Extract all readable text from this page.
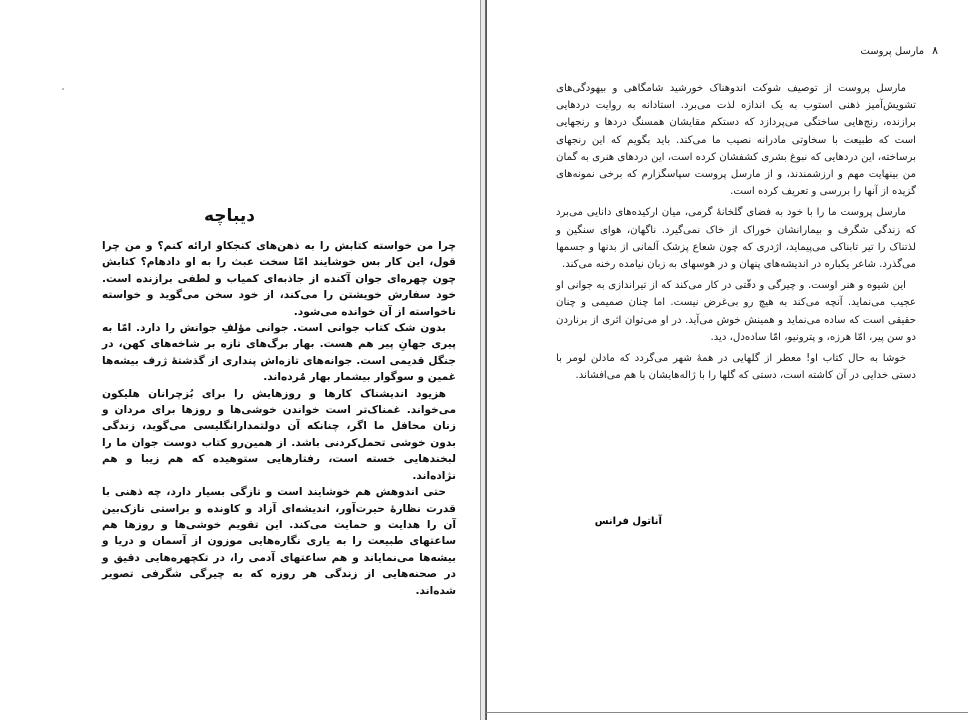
دیباچه

چرا من خواسته کتابش را به ذهن‌های کنجکاو ارائه کنم؟ و من چرا قول، این کار بس خوشایند امّا سخت عبث را به او دادهام؟ کتابش چون چهره‌ای جوان آکنده از جاذبه‌ای کمیاب و لطفی برازنده است. خود سفارش خویشتن را می‌کند، از خود سخن می‌گوید و خواسته ناخواسته از آن خوانده می‌شود.

بدون شک کتاب جوانی است. جوانی مؤلفِ جوانش را دارد. امّا به پیری جهانِ پیر هم هست. بهار برگ‌های تازه بر شاخه‌های کهن، در جنگل قدیمی است. جوانه‌های تازه‌اش پنداری از گذشتۀ ژرف بیشه‌ها غمین و سوگوار بیشمار بهار مُرده‌اند.

هزیود اندیشناک کارها و روزهایش را برای بُزچرانان هلیکون می‌خواند. غمناک‌تر است خواندن خوشی‌ها و روزها برای مردان و زنان محافل ما اگر، چنانکه آن دولتمدارانگلیسی می‌گوید، زندگی بدون خوشی تحمل‌کردنی باشد. از همین‌رو کتاب دوست جوان ما را لبخندهایی خسته است، رفتارهایی ستوهیده که هم زیبا و هم نژاده‌اند.

حتی اندوهش هم خوشایند است و تازگی بسیار دارد، چه ذهنی با قدرت نظارهٔ حیرت‌آور، اندیشه‌ای آزاد و کاونده و براستی نازک‌بین آن را هدایت و حمایت می‌کند. این تقویم خوشی‌ها و روزها هم ساعتهای طبیعت را به یاری نگاره‌هایی موزون از آسمان و دریا و بیشه‌ها می‌نمایاند و هم ساعتهای آدمی را، در تکچهره‌هایی دقیق و در صحنه‌هایی از زندگی هر روزه که به چیرگی شگرفی تصویر شده‌اند.

۸
مارسل پروست

مارسل پروست از توصیف شوکت اندوهناک خورشید شامگاهی و بیهودگی‌های تشویش‌آمیز ذهنی استوب به یک اندازه لذت می‌برد. استادانه به روایت دردهایی برازنده، رنج‌هایی ساختگی می‌پردازد که دستکم مقایشان همسنگ دردها و رنجهایی است که طبیعت با سخاوتی مادرانه نصیب ما می‌کند. باید بگویم که این رنجهای برساخته، این دردهایی که نبوغ بشری کشفشان کرده است، این دردهای هنری به گمان من بینهایت مهم و ارزشمندند، و از مارسل پروست سپاسگزارم که برخی نمونه‌های گزیده از آنها را بررسی و تعریف کرده است.

مارسل پروست ما را با خود به فضای گلخانهٔ گرمی، میان ارکیده‌های دانایی می‌برد که زندگی شگرف و بیمارانشان خوراک از خاک نمی‌گیرد. ناگهان، هوای سنگین و لذتناک را تیر تابناکی می‌پیماید، اژدری که چون شعاع پزشک آلمانی از بدنها و جسمها می‌گذرد. شاعر یکباره در اندیشه‌های پنهان و در هوسهای به زبان نیامده رخنه می‌کند.

این شیوه و هنر اوست. و چیرگی و دقّتی در کار می‌کند که از تیراندازی به جوانی او عجیب می‌نماید. آنچه می‌کند به هیچ رو بی‌غرض نیست. اما چنان صمیمی و چنان حقیقی است که ساده می‌نماید و همینش خوش می‌آید. در او می‌توان اثری از برناردن دو سن پیر، امّا هرزه، و پترونیو، امّا ساده‌دل، دید.

خوشا به حال کتاب او! معطر از گلهایی در همهٔ شهر می‌گردد که مادلن لومر با دستی خدایی در آن کاشته است، دستی که گلها را با ژاله‌هایشان با هم می‌افشاند.

آناتول فرانس
